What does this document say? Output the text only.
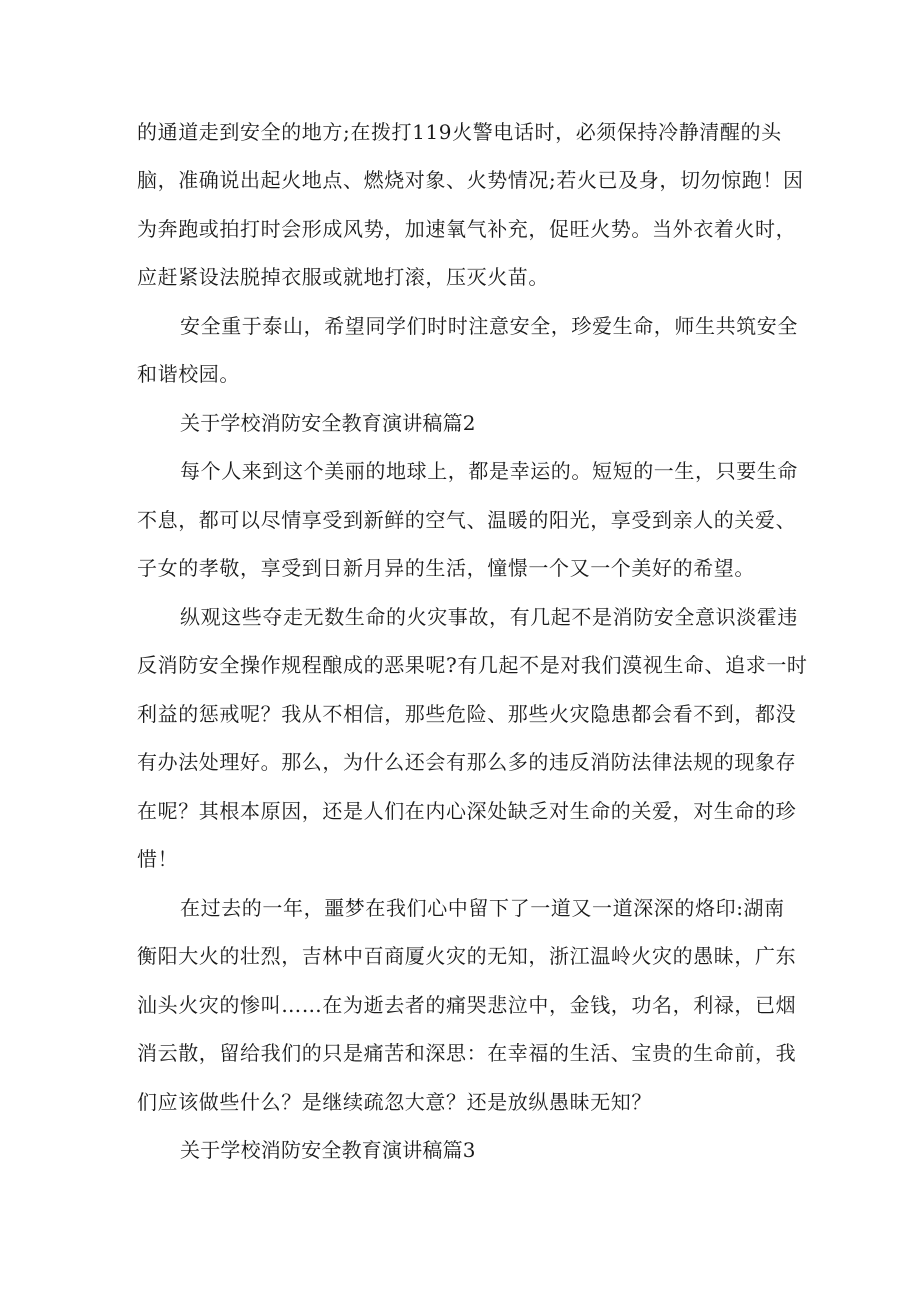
的通道走到安全的地方;在拨打119火警电话时，必须保持冷静清醒的头
脑，准确说出起火地点、燃烧对象、火势情况;若火已及身，切勿惊跑！因
为奔跑或拍打时会形成风势，加速氧气补充，促旺火势。当外衣着火时，
应赶紧设法脱掉衣服或就地打滚，压灭火苗。
安全重于泰山，希望同学们时时注意安全，珍爱生命，师生共筑安全
和谐校园。
关于学校消防安全教育演讲稿篇2
每个人来到这个美丽的地球上，都是幸运的。短短的一生，只要生命
不息，都可以尽情享受到新鲜的空气、温暖的阳光，享受到亲人的关爱、
子女的孝敬，享受到日新月异的生活，憧憬一个又一个美好的希望。
纵观这些夺走无数生命的火灾事故，有几起不是消防安全意识淡霍违
反消防安全操作规程酿成的恶果呢?有几起不是对我们漠视生命、追求一时
利益的惩戒呢？我从不相信，那些危险、那些火灾隐患都会看不到，都没
有办法处理好。那么，为什么还会有那么多的违反消防法律法规的现象存
在呢？其根本原因，还是人们在内心深处缺乏对生命的关爱，对生命的珍
惜！
在过去的一年，噩梦在我们心中留下了一道又一道深深的烙印:湖南
衡阳大火的壮烈，吉林中百商厦火灾的无知，浙江温岭火灾的愚昧，广东
汕头火灾的惨叫……在为逝去者的痛哭悲泣中，金钱，功名，利禄，已烟
消云散，留给我们的只是痛苦和深思：在幸福的生活、宝贵的生命前，我
们应该做些什么？是继续疏忽大意？还是放纵愚昧无知？
关于学校消防安全教育演讲稿篇3
